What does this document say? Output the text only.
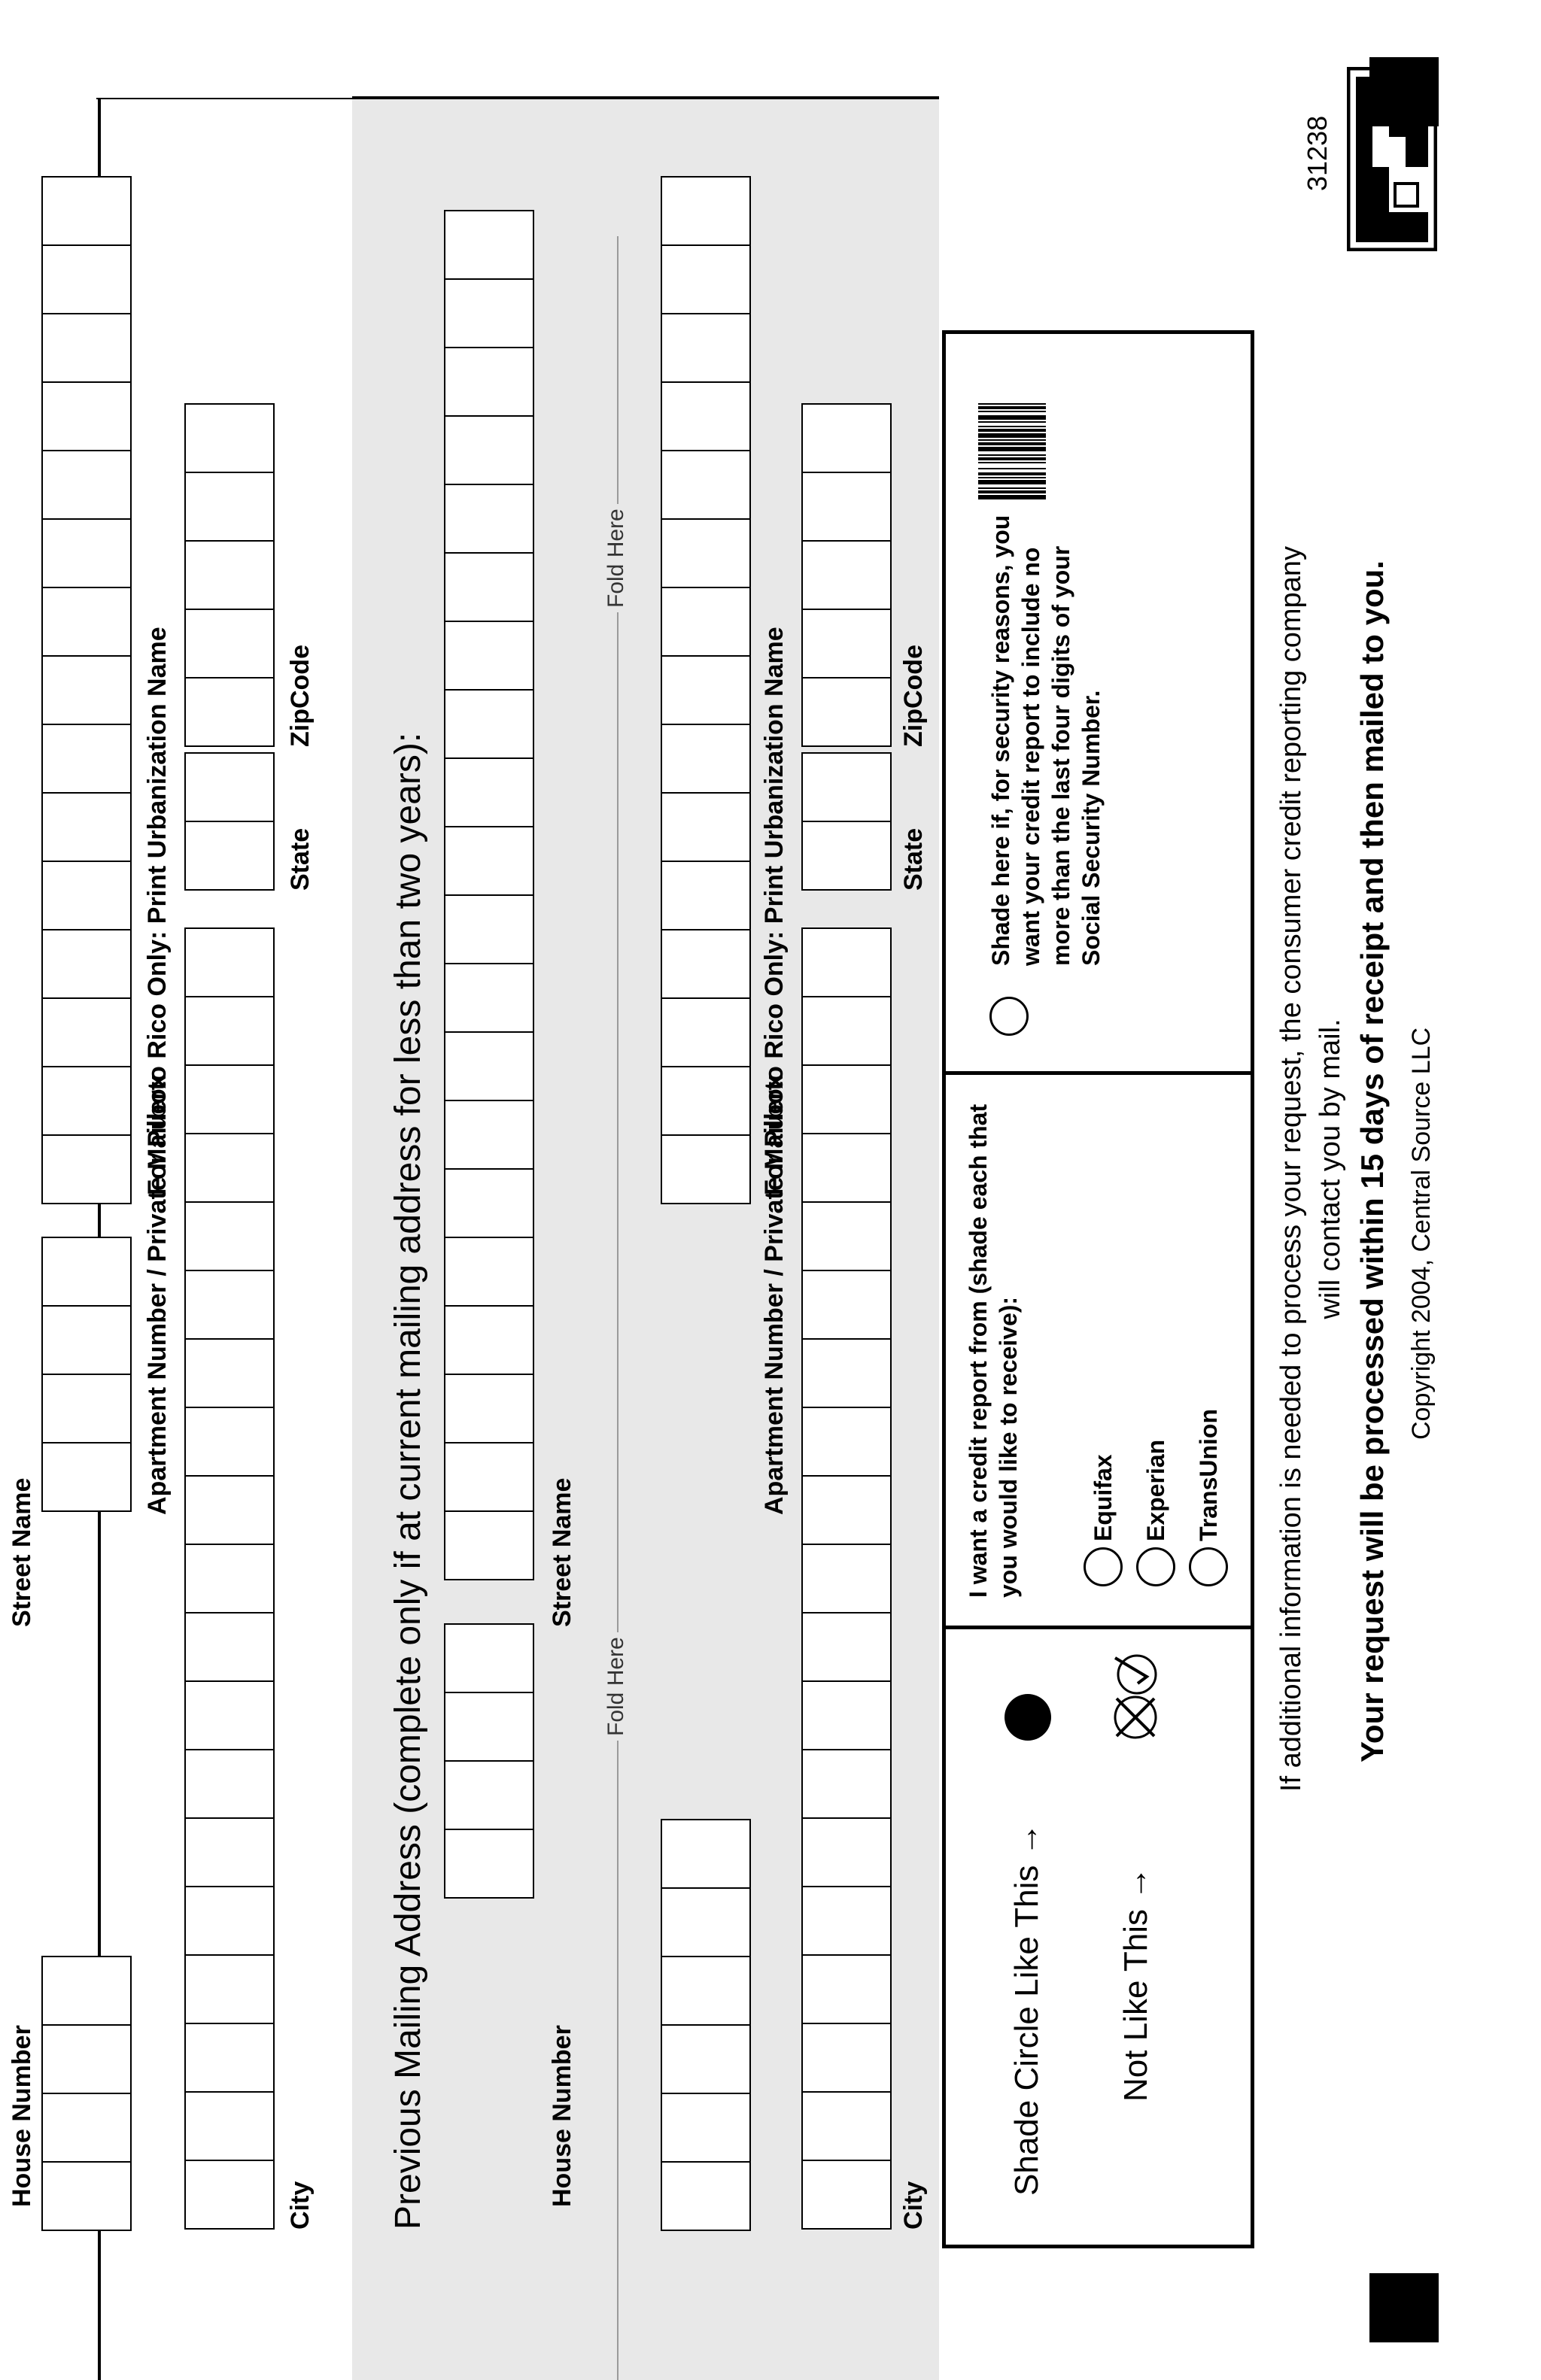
House Number
Street Name
Apartment Number / Private Mailbox
For Puerto Rico Only: Print Urbanization Name
City
State
ZipCode
Previous Mailing Address (complete only if at current mailing address for less than two years):	House Number
Street Name
Fold Here
Fold Here
Apartment Number / Private Mailbox
For Puerto Rico Only: Print Urbanization Name
City
State
ZipCode
Shade Circle Like This → Not Like This →
I want a credit report from (shade each that you would like to receive):	Equifax Experian TransUnion
Shade here if, for security reasons, you want your credit report to include no more than the last four digits of your Social Security Number.
31238
If additional information is needed to process your request, the consumer credit reporting company will contact you by mail. Your request will be processed within 15 days of receipt and then mailed to you. Copyright 2004, Central Source LLC
